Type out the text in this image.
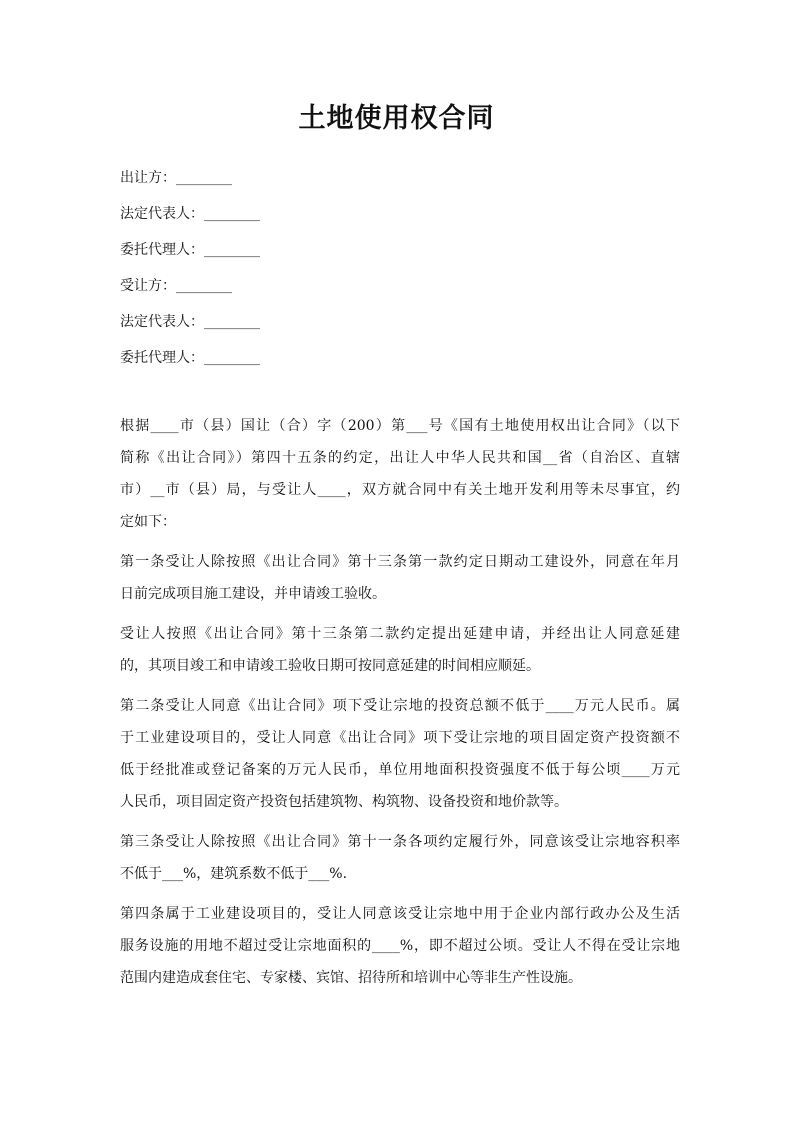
土地使用权合同
出让方：________
法定代表人：________
委托代理人：________
受让方：________
法定代表人：________
委托代理人：________
根据____市（县）国让（合）字（200）第___号《国有土地使用权出让合同》（以下
简称《出让合同》）第四十五条的约定，出让人中华人民共和国__省（自治区、直辖
市）__市（县）局，与受让人____，双方就合同中有关土地开发利用等未尽事宜，约
定如下：
第一条受让人除按照《出让合同》第十三条第一款约定日期动工建设外，同意在年月
日前完成项目施工建设，并申请竣工验收。
受让人按照《出让合同》第十三条第二款约定提出延建申请，并经出让人同意延建
的，其项目竣工和申请竣工验收日期可按同意延建的时间相应顺延。
第二条受让人同意《出让合同》项下受让宗地的投资总额不低于____万元人民币。属
于工业建设项目的，受让人同意《出让合同》项下受让宗地的项目固定资产投资额不
低于经批准或登记备案的万元人民币，单位用地面积投资强度不低于每公顷____万元
人民币，项目固定资产投资包括建筑物、构筑物、设备投资和地价款等。
第三条受让人除按照《出让合同》第十一条各项约定履行外，同意该受让宗地容积率
不低于___%，建筑系数不低于___%.
第四条属于工业建设项目的，受让人同意该受让宗地中用于企业内部行政办公及生活
服务设施的用地不超过受让宗地面积的____%，即不超过公顷。受让人不得在受让宗地
范围内建造成套住宅、专家楼、宾馆、招待所和培训中心等非生产性设施。
